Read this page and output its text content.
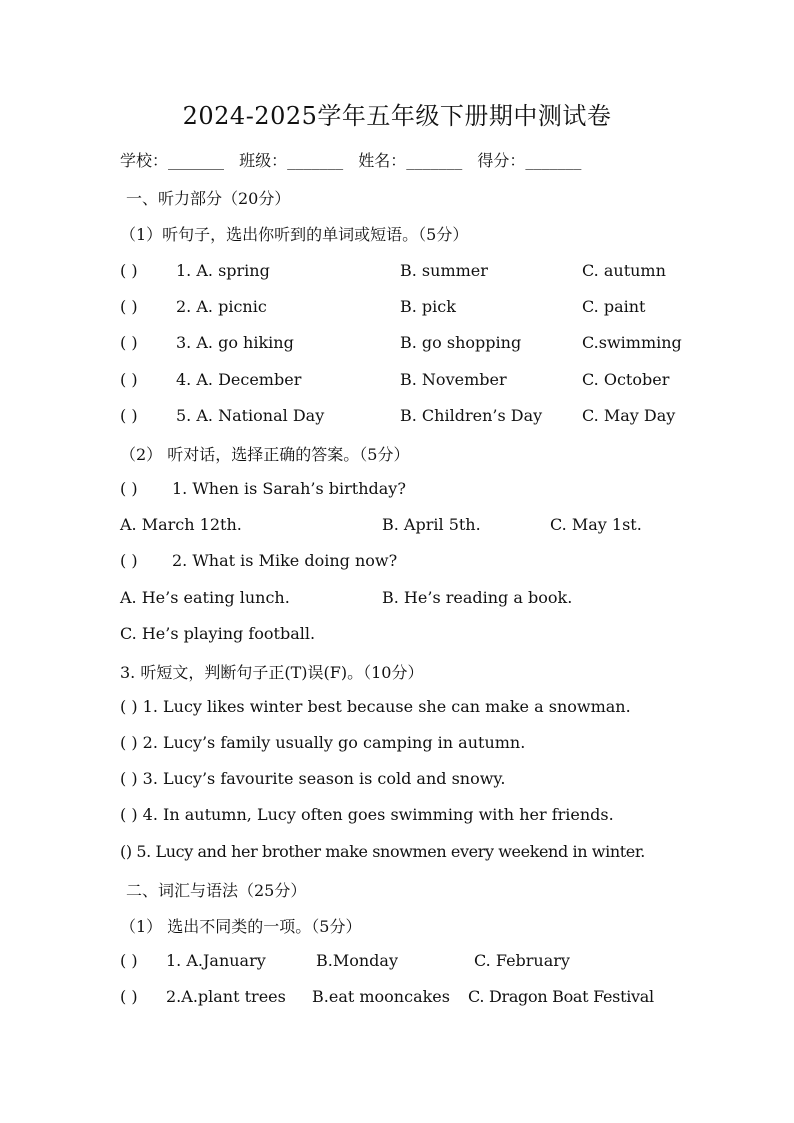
2024-2025学年五年级下册期中测试卷
学校：_______ 班级：_______ 姓名：_______ 得分：_______
一、听力部分（20分）
（1）听句子，选出你听到的单词或短语。（5分）
( ) 1. A. spring	B. summer	C. autumn
( ) 2. A. picnic	B. pick	C. paint
( ) 3. A. go hiking	B. go shopping	C.swimming
( ) 4. A. December	B. November	C. October
( ) 5. A. National Day	B. Children’s Day C. May Day
（2） 听对话，选择正确的答案。（5分）
( ) 1. When is Sarah’s birthday?
A. March 12th.	B. April 5th.	C. May 1st.
( ) 2. What is Mike doing now?
A. He’s eating lunch.	B. He’s reading a book.
C. He’s playing football.
3. 听短文，判断句子正(T)误(F)。（10分）
( ) 1. Lucy likes winter best because she can make a snowman.
( ) 2. Lucy’s family usually go camping in autumn.
( ) 3. Lucy’s favourite season is cold and snowy.
( ) 4. In autumn, Lucy often goes swimming with her friends.
() 5. Lucy and her brother make snowmen every weekend in winter.
二、词汇与语法（25分）
（1） 选出不同类的一项。（5分）
( ) 1. A.January	B.Monday	C. February
( ) 2.A.plant trees B.eat mooncakes C. Dragon Boat Festival
